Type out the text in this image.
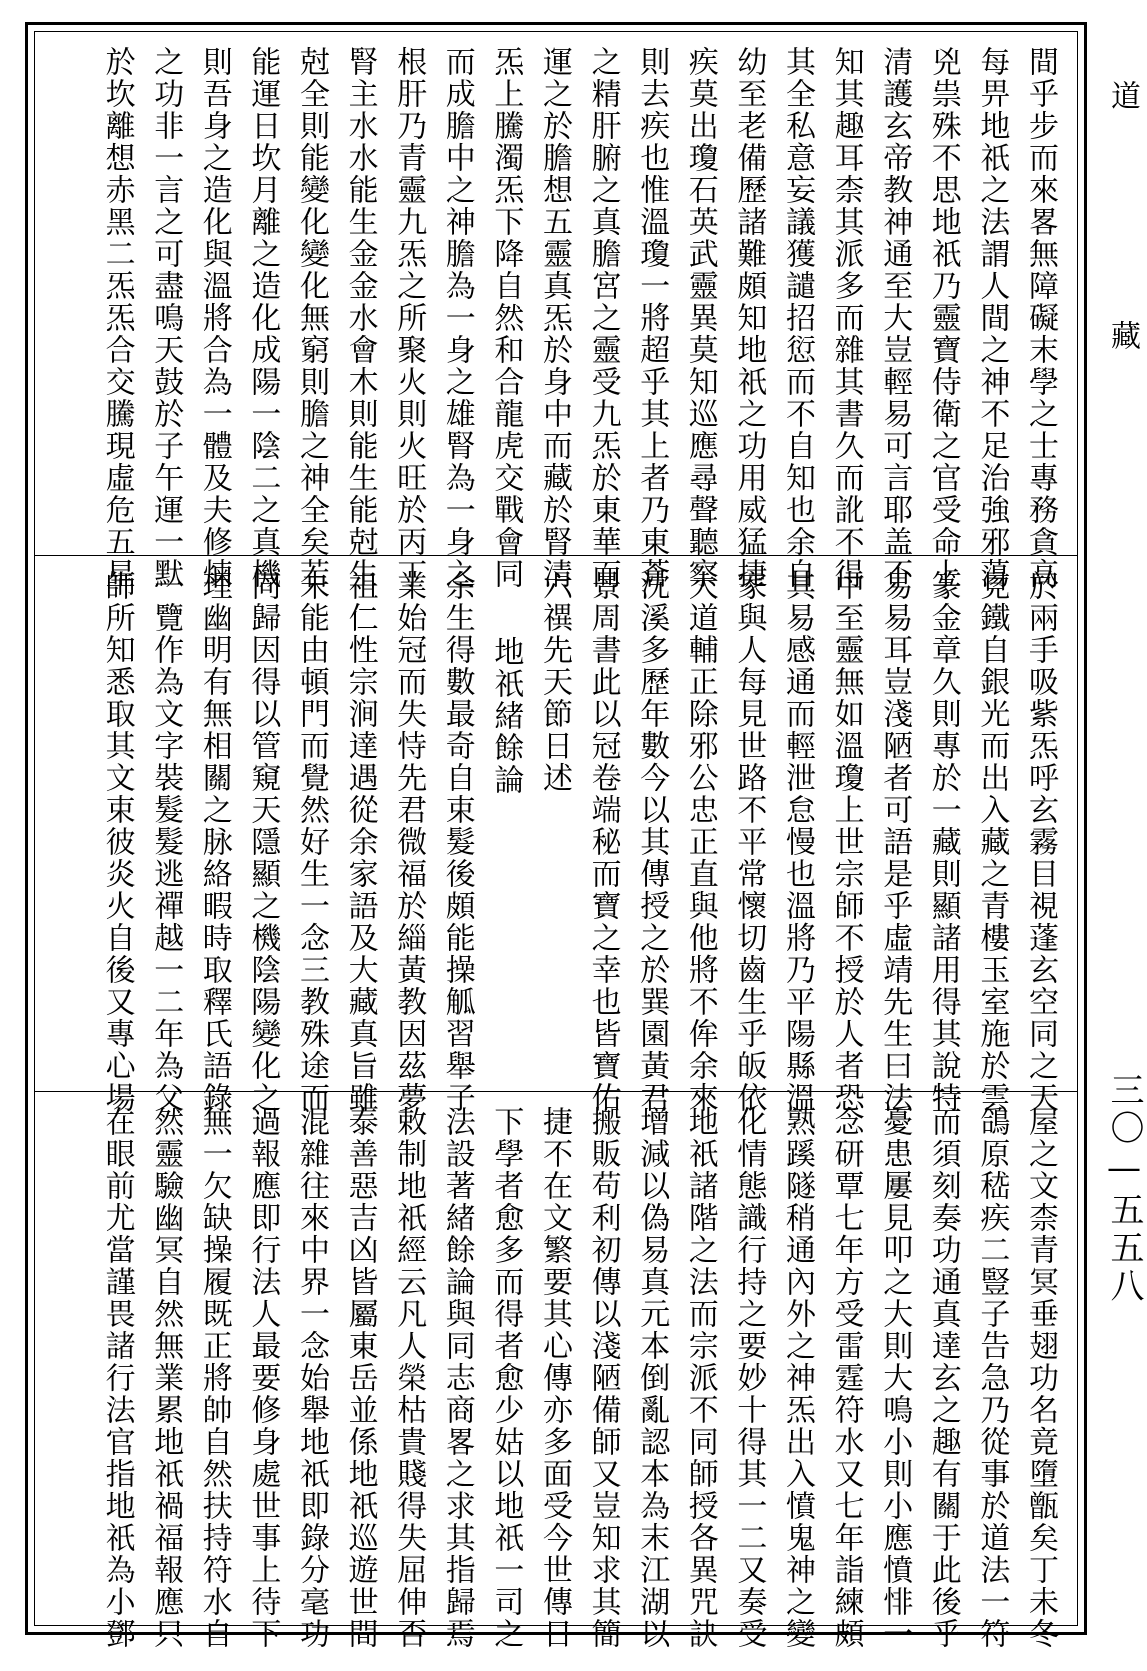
道藏
三〇—五五八
間乎步而來畧無障礙末學之士專務貪高
每畀地祇之法謂人間之神不足治強邪蕩
兇祟殊不思地祇乃靈寶侍衛之官受命上
清護玄帝教神通至大豈輕易可言耶盖不
知其趣耳柰其派多而雜其書久而訛不得
其全私意妄議獲譴招愆而不自知也余自
幼至老備歷諸難頗知地祇之功用威猛捷
疾莫出瓊石英武靈異莫知巡應尋聲聽察
則去疾也惟溫瓊一將超乎其上者乃東蒼
之精肝腑之真膽宮之靈受九炁於東華而
運之於膽想五靈真炁於身中而藏於腎清
炁上騰濁炁下降自然和合龍虎交戰會同
而成膽中之神膽為一身之雄腎為一身之
根肝乃青靈九炁之所聚火則火旺於丙丁
腎主水水能生金金水會木則能生能尅生
尅全則能變化變化無窮則膽之神全矣若
能運日坎月離之造化成陽一陰二之真機
則吾身之造化與溫將合為一體及夫修煉
之功非一言之可盡鳴天鼓於子午運一默
於坎離想赤黑二炁炁合交騰現虛危五星
於兩手吸紫炁呼玄霧目視蓬玄空同之天
見鐵自銀光而出入藏之青樓玉室施於雲
篆金章久則專於一藏則顯諸用得其說特
易易耳豈淺陋者可語是乎虛靖先生曰法
中至靈無如溫瓊上世宗師不授於人者恐
其易感通而輕泄怠慢也溫將乃平陽縣溫
家與人每見世路不平常懷切齒生乎皈依
大道輔正除邪公忠正直與他將不侔余來
沈溪多歷年數今以其傳授之於巽園黃君
景周書此以冠卷端秘而寶之幸也皆寶佑
六禩先天節日述
地祇緒餘論
余生得數最奇自束髮後頗能操觚習舉子
業始冠而失恃先君微福於緇黃教因茲夢
祖仁性宗涧達遇從余家語及大藏真旨雖
未能由頓門而覺然好生一念三教殊途而
同歸因得以管窺天隱顯之機陰陽變化之
理幽明有無相關之脉絡暇時取釋氏語錄
一覽作為文字裝髮髮逃禪越一二年為父
師所知悉取其文束彼炎火自後又專心場
屋之文柰青冥垂翅功名竟墮甑矣丁未冬
鴿原嵇疾二豎子告急乃從事於道法一符
而須刻奏功通真達玄之趣有關于此後乎
憂患屢見叩之大則大鳴小則小應憤悱一
念研覃七年方受雷霆符水又七年詣練頗
熟蹊隧稍通內外之神炁出入憤鬼神之變
化情態識行持之要妙十得其一二又奏受
地祇諸階之法而宗派不同師授各異咒訣
增減以偽易真元本倒亂認本為末江湖以
搬販苟利初傳以淺陋備師又豈知求其簡
捷不在文繁要其心傳亦多面受今世傳日
下學者愈多而得者愈少姑以地祇一司之
法設著緒餘論與同志商畧之求其指歸焉
敕制地祇經云凡人榮枯貴賤得失屈伸否
泰善惡吉凶皆屬東岳並係地祇巡遊世間
混雜往來中界一念始舉地祇即錄分毫功
過報應即行法人最要修身處世事上待下
無一欠缺操履既正將帥自然扶持符水自
然靈驗幽冥自然無業累地祇禍福報應只
在眼前尤當謹畏諸行法官指地祇為小鄧
